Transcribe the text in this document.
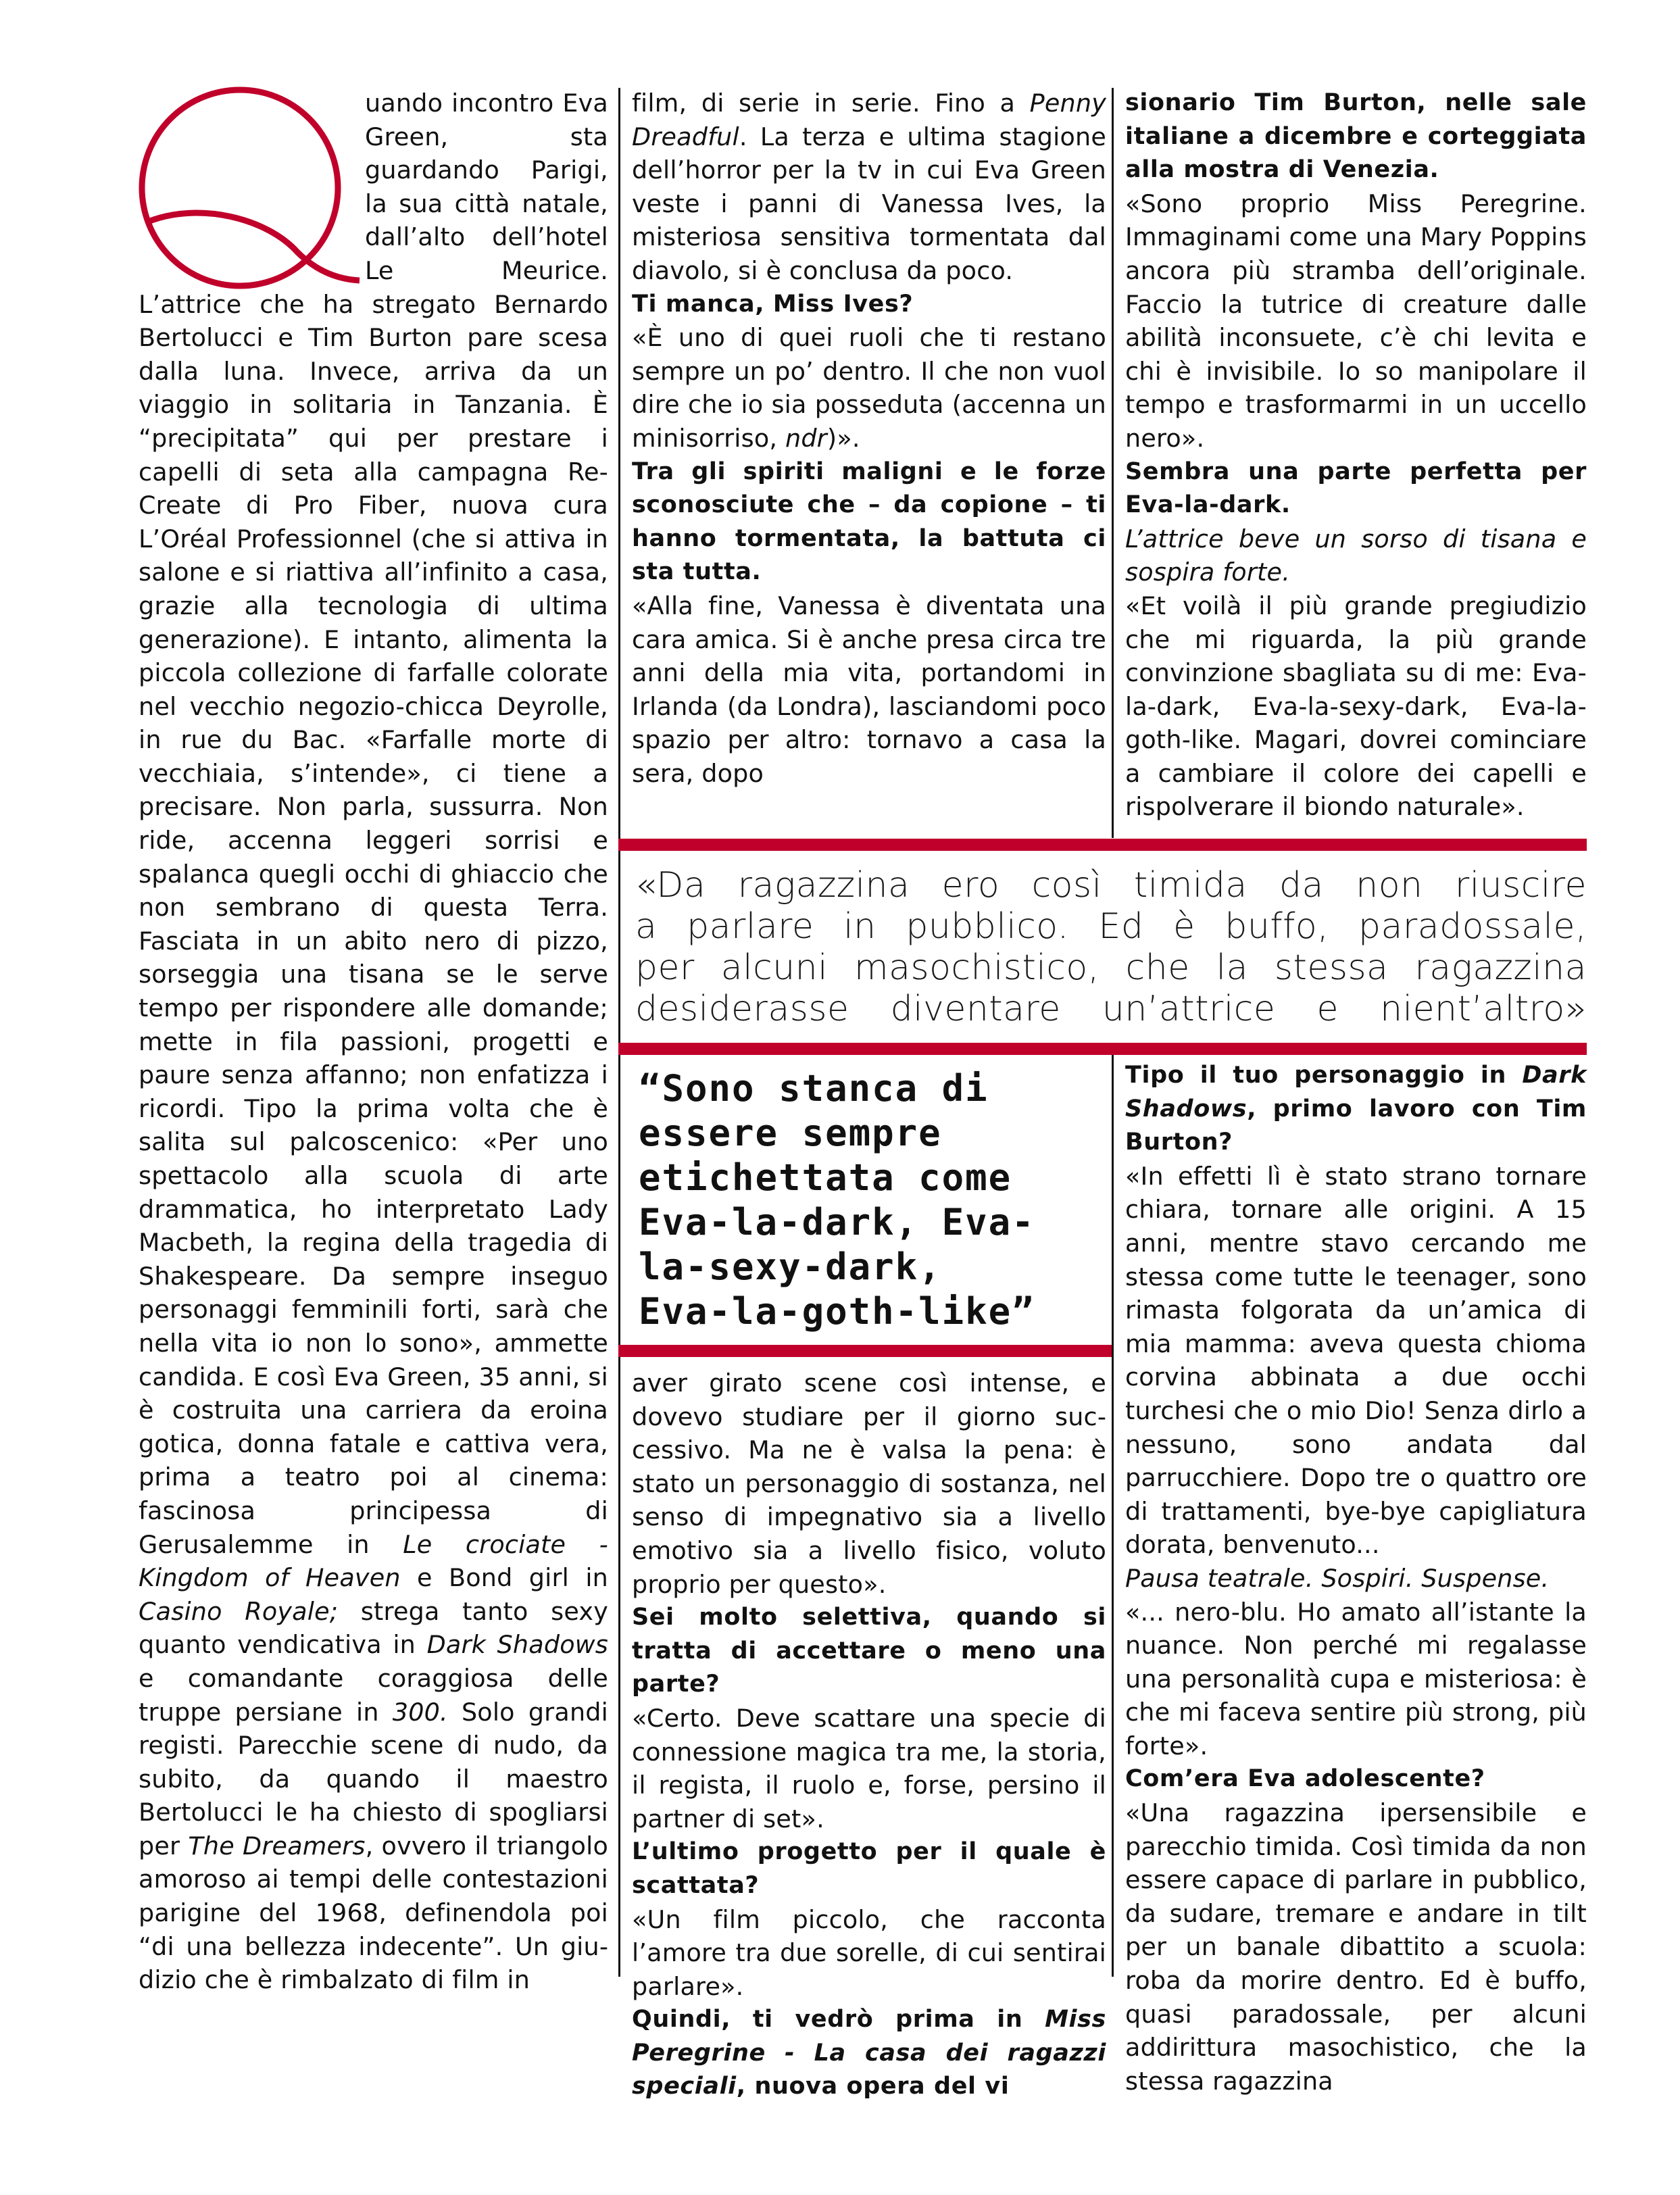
uando incontro Eva Green, sta guardando Parigi, la sua città natale, dall’alto dell’hotel Le Meurice. L’attrice che ha stregato Bernardo Bertolucci e Tim Burton pare scesa dalla luna. Invece, arriva da un viaggio in solitaria in Tanzania. È “precipitata” qui per prestare i capelli di seta alla campagna Re-Create di Pro Fiber, nuova cura L’Oréal Professionnel (che si attiva in salone e si riattiva all’infinito a casa, grazie alla tecnologia di ultima generazione). E intanto, alimenta la piccola collezione di farfalle colorate nel vecchio negozio-chicca Deyrolle, in rue du Bac. «Farfalle morte di vecchiaia, s’intende», ci tiene a precisare. Non parla, sussurra. Non ride, accenna leggeri sorrisi e spalanca quegli occhi di ghiaccio che non sembrano di questa Terra. Fasciata in un abito nero di pizzo, sorseggia una tisana se le serve tempo per rispondere alle domande; mette in fila passioni, progetti e paure senza affanno; non enfatizza i ricordi. Tipo la prima volta che è salita sul palcoscenico: «Per uno spettacolo alla scuola di arte drammatica, ho interpretato Lady Macbeth, la regina della tragedia di Shakespeare. Da sempre inseguo personaggi femminili forti, sarà che nella vita io non lo sono», ammette candida. E così Eva Green, 35 anni, si è costruita una carriera da eroina gotica, donna fatale e cattiva vera, prima a teatro poi al cinema: fascinosa principessa di Gerusalemme in Le crociate - Kingdom of Heaven e Bond girl in Casino Royale; strega tanto sexy quanto vendicativa in Dark Shadows e comandante coraggiosa delle truppe persiane in 300. Solo grandi registi. Parecchie scene di nudo, da subito, da quando il maestro Bertolucci le ha chiesto di spogliarsi per The Dreamers, ovvero il triangolo amoroso ai tempi delle contestazioni parigine del 1968, definendola poi “di una bellezza indecente”. Un giudizio che è rimbalzato di film in

film, di serie in serie. Fino a Penny Dreadful. La terza e ultima stagione dell’horror per la tv in cui Eva Green veste i panni di Vanessa Ives, la misteriosa sensitiva tormentata dal diavolo, si è conclusa da poco.

Ti manca, Miss Ives?

«È uno di quei ruoli che ti restano sempre un po’ dentro. Il che non vuol dire che io sia posseduta (accenna un minisorriso, ndr)».

Tra gli spiriti maligni e le forze sconosciute che – da copione – ti hanno tormentata, la battuta ci sta tutta.

«Alla fine, Vanessa è diventata una cara amica. Si è anche presa circa tre anni della mia vita, portandomi in Irlanda (da Londra), lasciandomi poco spazio per altro: tornavo a casa la sera, dopo

sionario Tim Burton, nelle sale italiane a dicembre e corteggiata alla mostra di Venezia.

«Sono proprio Miss Peregrine. Immaginami come una Mary Poppins ancora più stramba dell’originale. Faccio la tutrice di creature dalle abilità inconsuete, c’è chi levita e chi è invisibile. Io so manipolare il tempo e trasformarmi in un uccello nero».

Sembra una parte perfetta per Eva-la-dark.

L’attrice beve un sorso di tisana e sospira forte.

«Et voilà il più grande pregiudizio che mi riguarda, la più grande convinzione sbagliata su di me: Eva-la-dark, Eva-la-sexy-dark, Eva-la-goth-like. Magari, dovrei cominciare a cambiare il colore dei capelli e rispolverare il biondo naturale».

«Da ragazzina ero così timida da non riuscire
a parlare in pubblico. Ed è buffo, paradossale,
per alcuni masochistico, che la stessa ragazzina
desiderasse diventare un’attrice e nient’altro»
“Sono stanca di
essere sempre
etichettata come
Eva-la-dark, Eva-
la-sexy-dark,
Eva-la-goth-like”

aver girato scene così intense, e dovevo studiare per il giorno successivo. Ma ne è valsa la pena: è stato un personaggio di sostanza, nel senso di impegnativo sia a livello emotivo sia a livello fisico, voluto proprio per questo».

Sei molto selettiva, quando si tratta di accettare o meno una parte?

«Certo. Deve scattare una specie di connessione magica tra me, la storia, il regista, il ruolo e, forse, persino il partner di set».

L’ultimo progetto per il quale è scattata?

«Un film piccolo, che racconta l’amore tra due sorelle, di cui sentirai parlare».

Quindi, ti vedrò prima in Miss Peregrine - La casa dei ragazzi speciali, nuova opera del vi

Tipo il tuo personaggio in Dark Shadows, primo lavoro con Tim Burton?

«In effetti lì è stato strano tornare chiara, tornare alle origini. A 15 anni, mentre stavo cercando me stessa come tutte le teenager, sono rimasta folgorata da un’amica di mia mamma: aveva questa chioma corvina abbinata a due occhi turchesi che o mio Dio! Senza dirlo a nessuno, sono andata dal parrucchiere. Dopo tre o quattro ore di trattamenti, bye-bye capigliatura dorata, benvenuto...

Pausa teatrale. Sospiri. Suspense.

«... nero-blu. Ho amato all’istante la nuance. Non perché mi regalasse una personalità cupa e misteriosa: è che mi faceva sentire più strong, più forte».

Com’era Eva adolescente?

«Una ragazzina ipersensibile e parecchio timida. Così timida da non essere capace di parlare in pubblico, da sudare, tremare e andare in tilt per un banale dibattito a scuola: roba da morire dentro. Ed è buffo, quasi paradossale, per alcuni addirittura masochistico, che la stessa ragazzina
